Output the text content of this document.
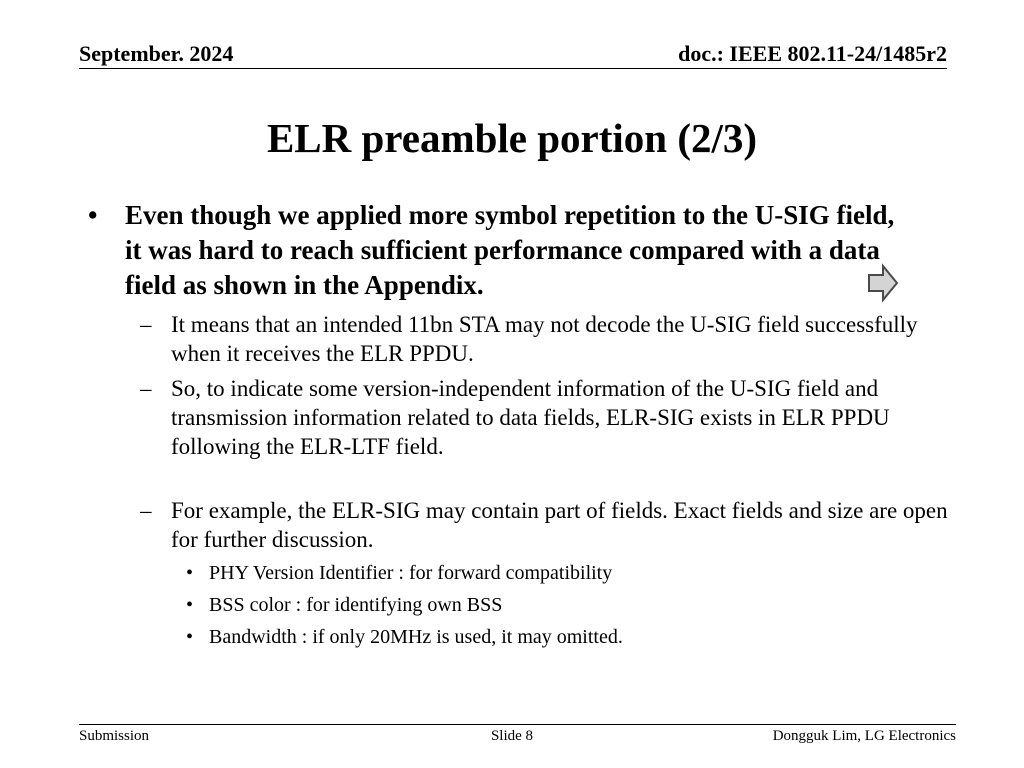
September. 2024	doc.: IEEE 802.11-24/1485r2
ELR preamble portion (2/3)
• Even though we applied more symbol repetition to the U-SIG field, it was hard to reach sufficient performance compared with a data field as shown in the Appendix.
– It means that an intended 11bn STA may not decode the U-SIG field successfully when it receives the ELR PPDU.
– So, to indicate some version-independent information of the U-SIG field and transmission information related to data fields, ELR-SIG exists in ELR PPDU following the ELR-LTF field.
– For example, the ELR-SIG may contain part of fields. Exact fields and size are open for further discussion.
• PHY Version Identifier : for forward compatibility
• BSS color : for identifying own BSS
• Bandwidth : if only 20MHz is used, it may omitted.
Submission	Slide 8	Dongguk Lim, LG Electronics
